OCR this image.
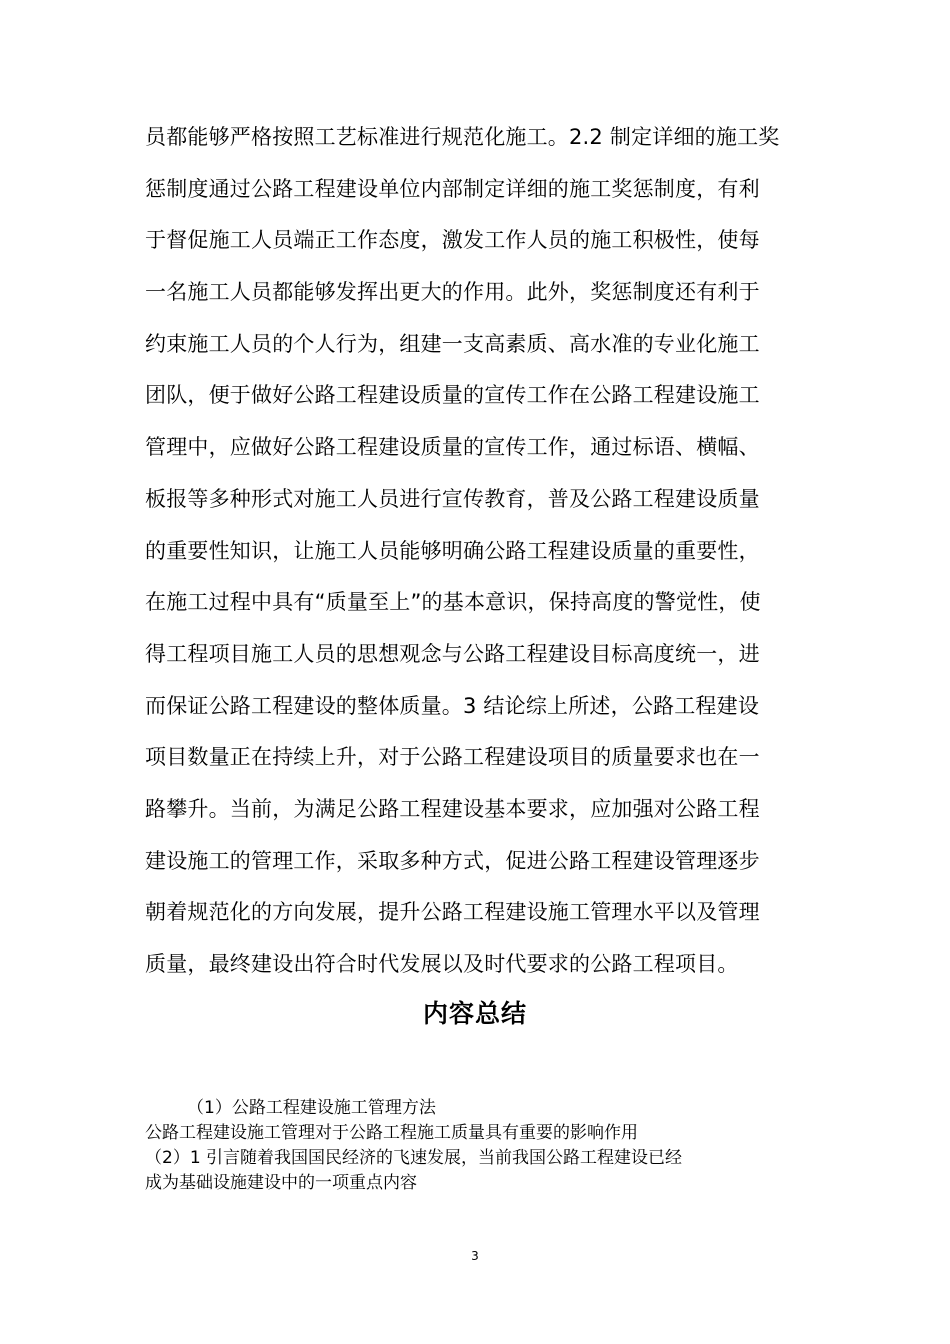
员都能够严格按照工艺标准进行规范化施工。2.2 制定详细的施工奖
惩制度通过公路工程建设单位内部制定详细的施工奖惩制度，有利
于督促施工人员端正工作态度，激发工作人员的施工积极性，使每
一名施工人员都能够发挥出更大的作用。此外，奖惩制度还有利于
约束施工人员的个人行为，组建一支高素质、高水准的专业化施工
团队，便于做好公路工程建设质量的宣传工作在公路工程建设施工
管理中，应做好公路工程建设质量的宣传工作，通过标语、横幅、
板报等多种形式对施工人员进行宣传教育，普及公路工程建设质量
的重要性知识，让施工人员能够明确公路工程建设质量的重要性，
在施工过程中具有“质量至上”的基本意识，保持高度的警觉性，使
得工程项目施工人员的思想观念与公路工程建设目标高度统一，进
而保证公路工程建设的整体质量。3 结论综上所述，公路工程建设
项目数量正在持续上升，对于公路工程建设项目的质量要求也在一
路攀升。当前，为满足公路工程建设基本要求，应加强对公路工程
建设施工的管理工作，采取多种方式，促进公路工程建设管理逐步
朝着规范化的方向发展，提升公路工程建设施工管理水平以及管理
质量，最终建设出符合时代发展以及时代要求的公路工程项目。
内容总结
（1）公路工程建设施工管理方法
公路工程建设施工管理对于公路工程施工质量具有重要的影响作用
（2）1 引言随着我国国民经济的飞速发展，当前我国公路工程建设已经
成为基础设施建设中的一项重点内容
3
